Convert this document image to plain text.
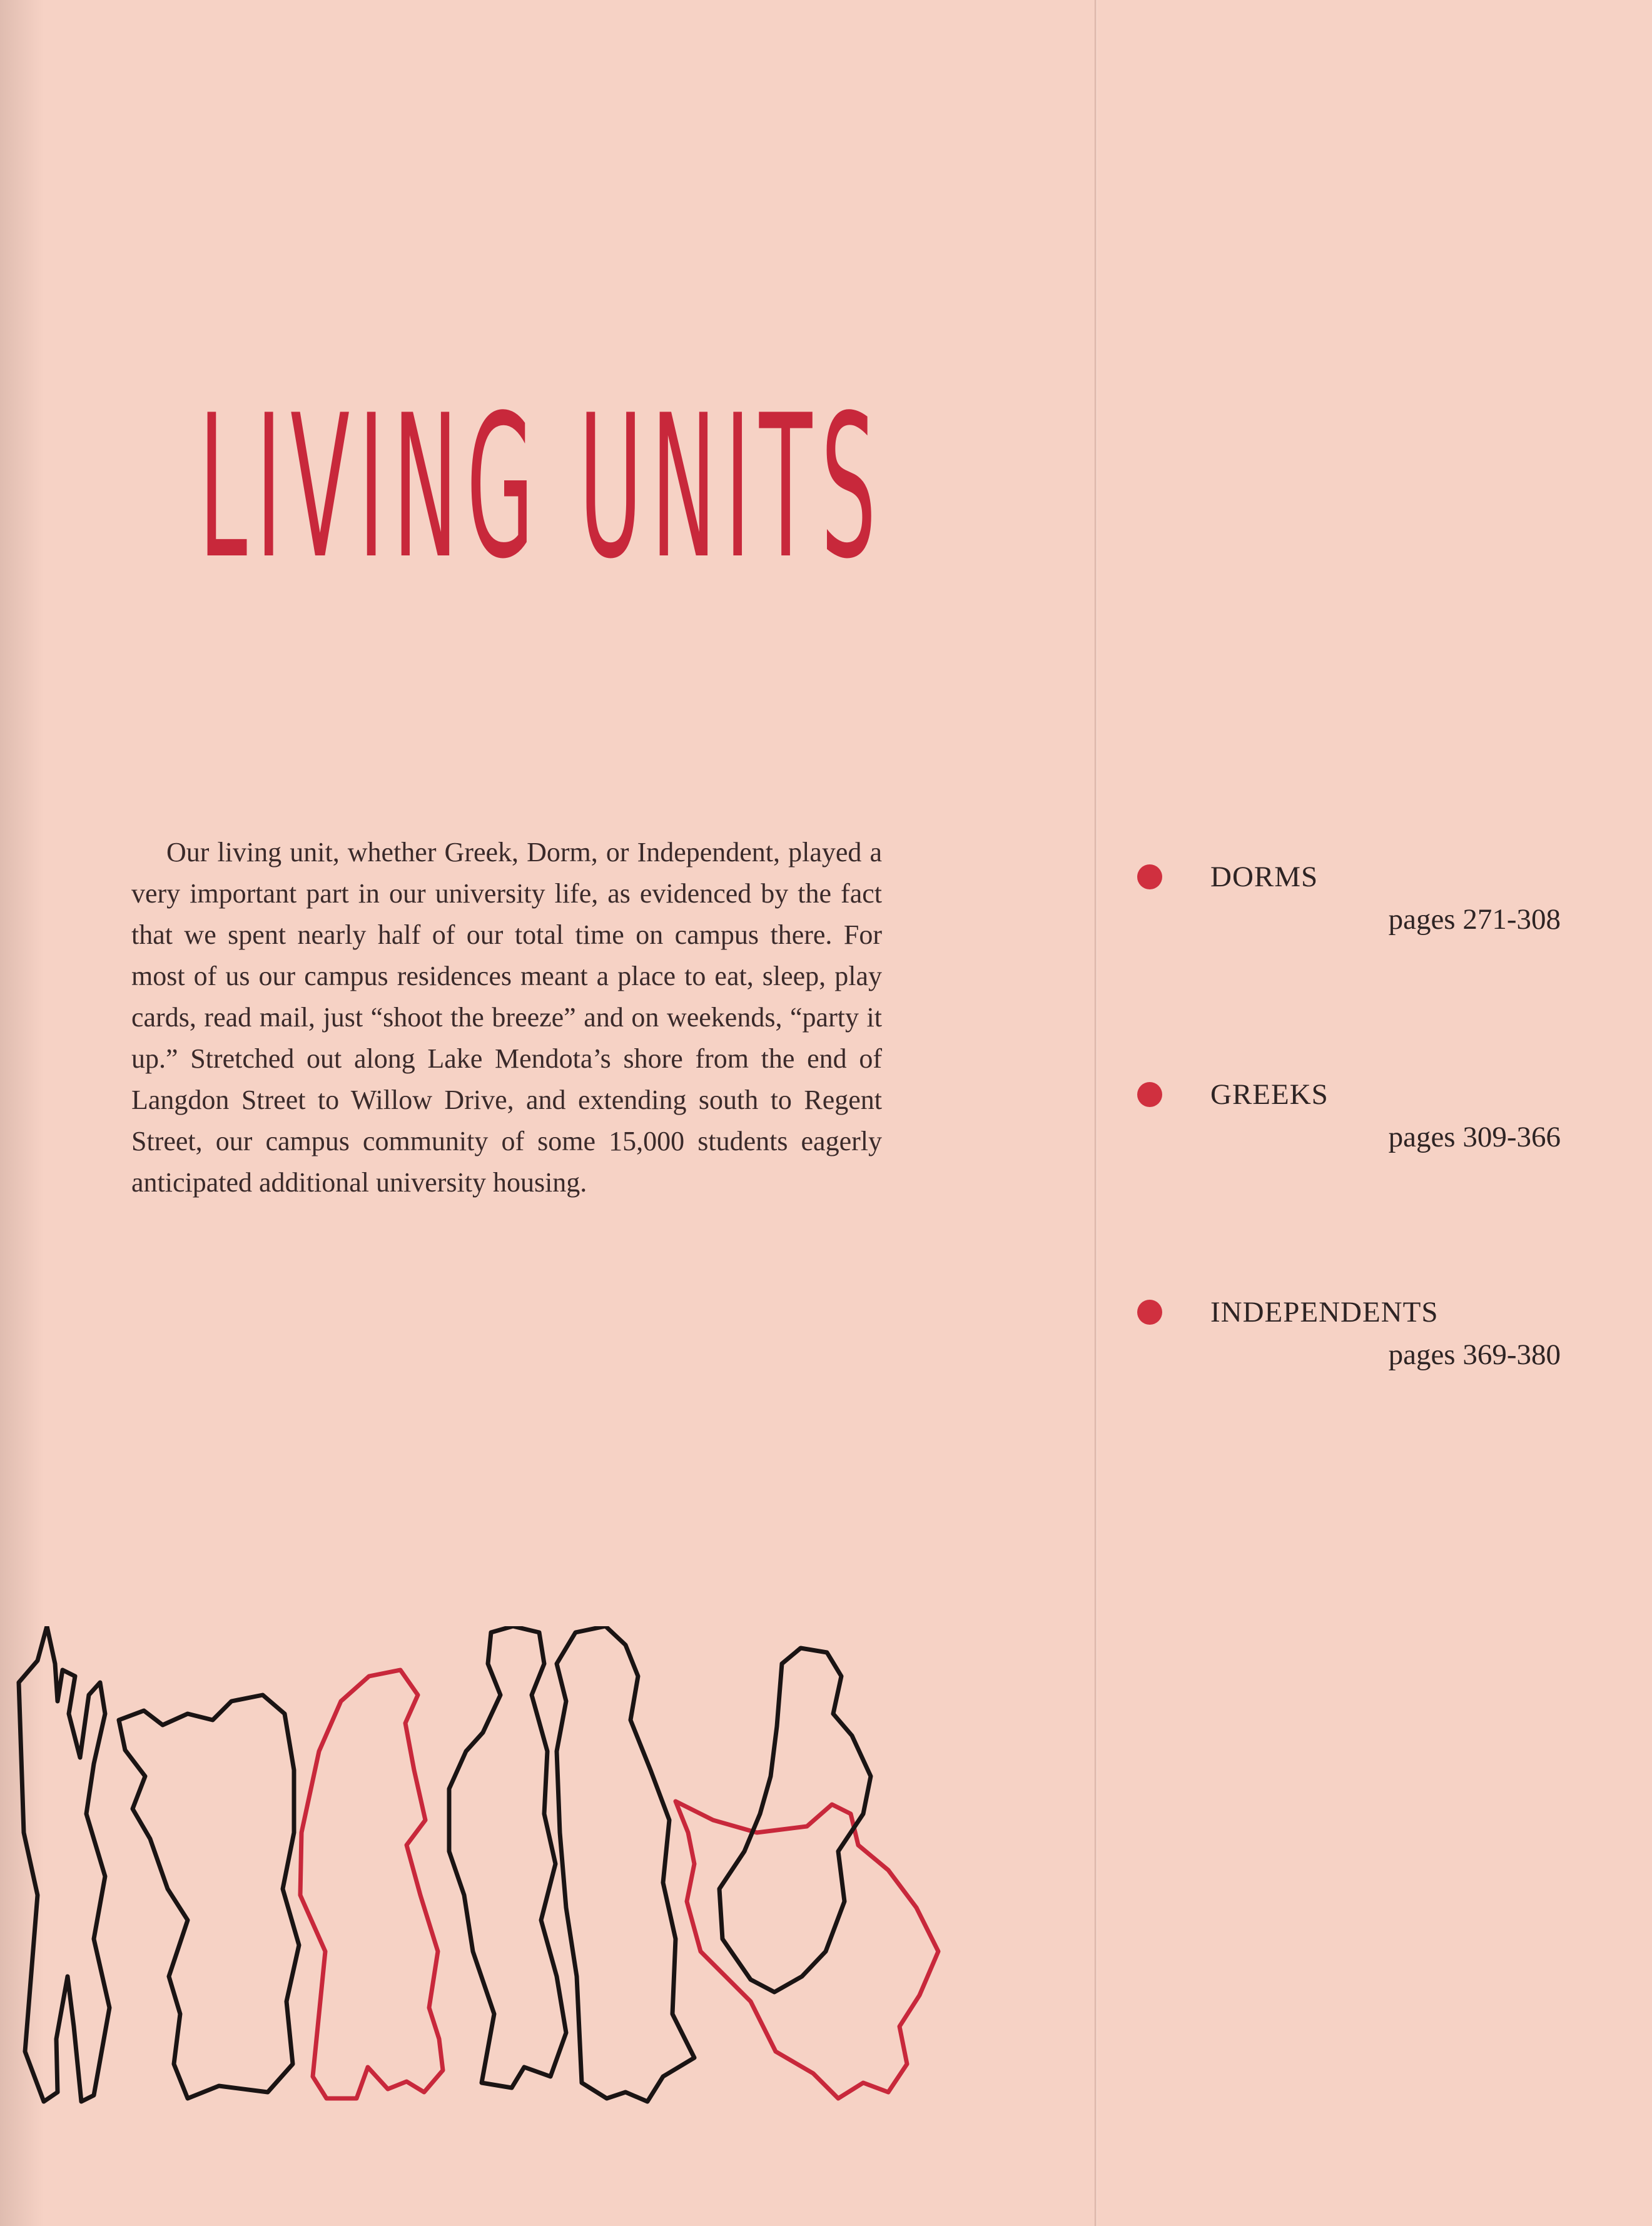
LIVING UNITS

Our living unit, whether Greek, Dorm, or Independent, played a very important part in our university life, as evidenced by the fact that we spent nearly half of our total time on campus there. For most of us our campus residences meant a place to eat, sleep, play cards, read mail, just “shoot the breeze” and on weekends, “party it up.” Stretched out along Lake Mendota’s shore from the end of Langdon Street to Willow Drive, and extending south to Regent Street, our campus community of some 15,000 students eagerly anticipated additional university housing.

DORMS
pages 271-308
GREEKS
pages 309-366
INDEPENDENTS
pages 369-380
